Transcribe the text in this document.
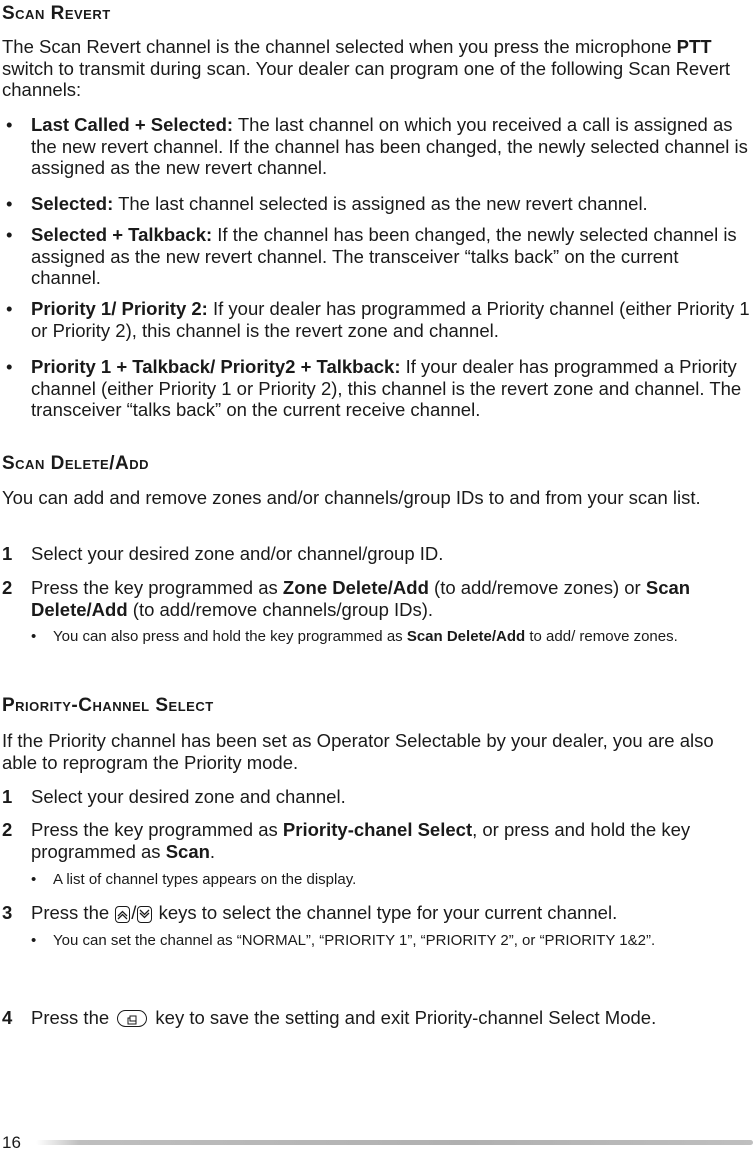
Scan Revert

The Scan Revert channel is the channel selected when you press the microphone PTT switch to transmit during scan. Your dealer can program one of the following Scan Revert channels:

• Last Called + Selected: The last channel on which you received a call is assigned as the new revert channel. If the channel has been changed, the newly selected channel is assigned as the new revert channel.

• Selected: The last channel selected is assigned as the new revert channel.

• Selected + Talkback: If the channel has been changed, the newly selected channel is assigned as the new revert channel. The transceiver “talks back” on the current channel.

• Priority 1/ Priority 2: If your dealer has programmed a Priority channel (either Priority 1 or Priority 2), this channel is the revert zone and channel.

• Priority 1 + Talkback/ Priority2 + Talkback: If your dealer has programmed a Priority channel (either Priority 1 or Priority 2), this channel is the revert zone and channel. The transceiver “talks back” on the current receive channel.

Scan Delete/Add

You can add and remove zones and/or channels/group IDs to and from your scan list.

1 Select your desired zone and/or channel/group ID.

2 Press the key programmed as Zone Delete/Add (to add/remove zones) or Scan Delete/Add (to add/remove channels/group IDs).

• You can also press and hold the key programmed as Scan Delete/Add to add/ remove zones.

Priority-Channel Select

If the Priority channel has been set as Operator Selectable by your dealer, you are also able to reprogram the Priority mode.

1 Select your desired zone and channel.

2 Press the key programmed as Priority-chanel Select, or press and hold the key programmed as Scan.

• A list of channel types appears on the display.

3 Press the
/
keys to select the channel type for your current channel.

• You can set the channel as “NORMAL”, “PRIORITY 1”, “PRIORITY 2”, or “PRIORITY 1&2”.

4 Press the  key to save the setting and exit Priority-channel Select Mode.

16
